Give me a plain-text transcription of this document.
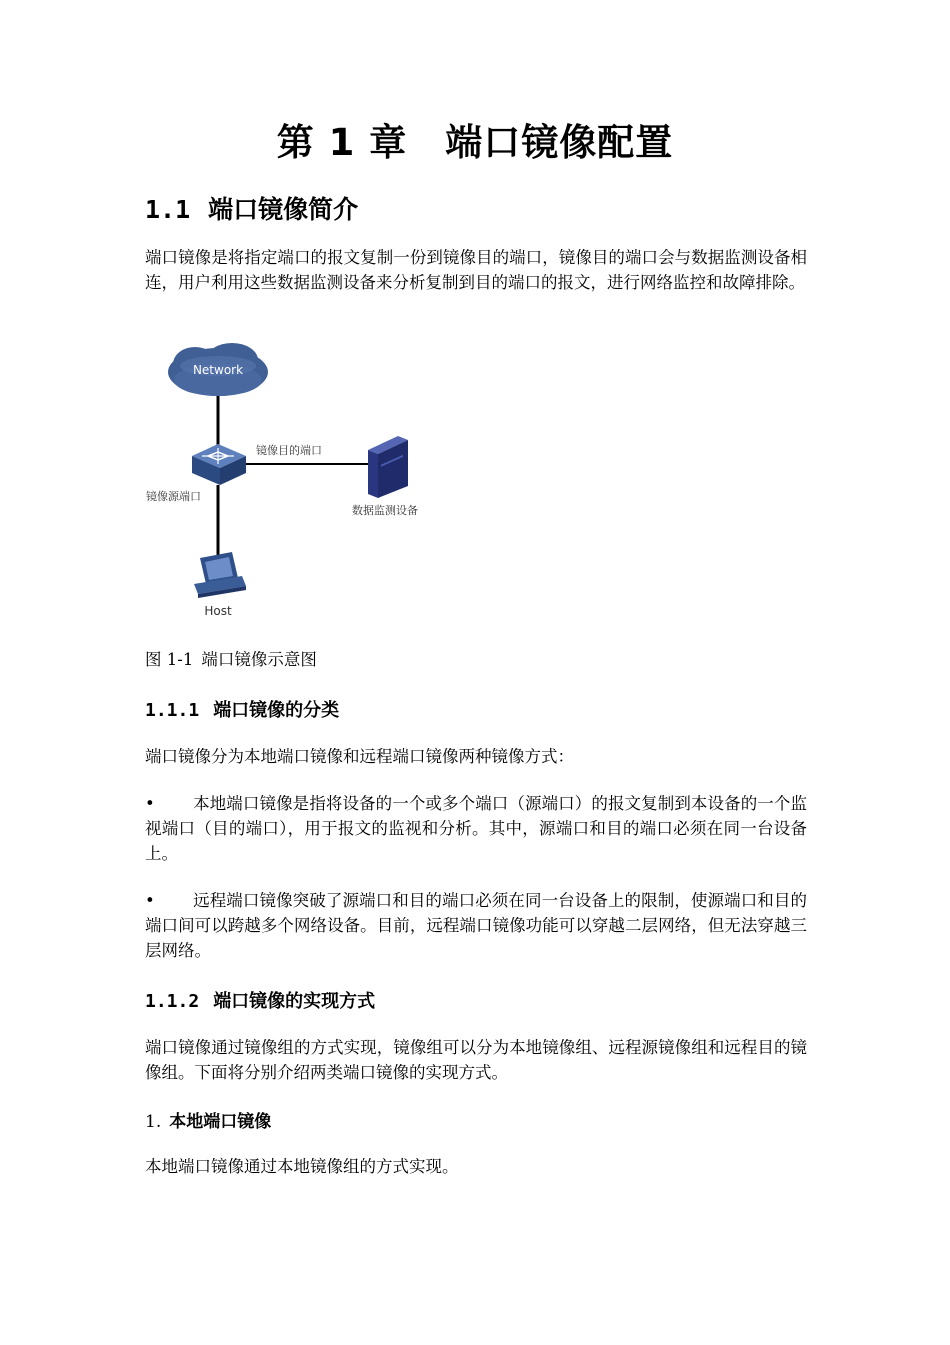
第 1 章 端口镜像配置
1.1 端口镜像简介

端口镜像是将指定端口的报文复制一份到镜像目的端口，镜像目的端口会与数据监测设备相连，用户利用这些数据监测设备来分析复制到目的端口的报文，进行网络监控和故障排除。

Network
镜像目的端口
镜像源端口
数据监测设备
Host

图 1-1 端口镜像示意图

1.1.1 端口镜像的分类

端口镜像分为本地端口镜像和远程端口镜像两种镜像方式：

• 本地端口镜像是指将设备的一个或多个端口（源端口）的报文复制到本设备的一个监视端口（目的端口），用于报文的监视和分析。其中，源端口和目的端口必须在同一台设备上。

• 远程端口镜像突破了源端口和目的端口必须在同一台设备上的限制，使源端口和目的端口间可以跨越多个网络设备。目前，远程端口镜像功能可以穿越二层网络，但无法穿越三层网络。

1.1.2 端口镜像的实现方式

端口镜像通过镜像组的方式实现，镜像组可以分为本地镜像组、远程源镜像组和远程目的镜像组。下面将分别介绍两类端口镜像的实现方式。

1. 本地端口镜像

本地端口镜像通过本地镜像组的方式实现。
